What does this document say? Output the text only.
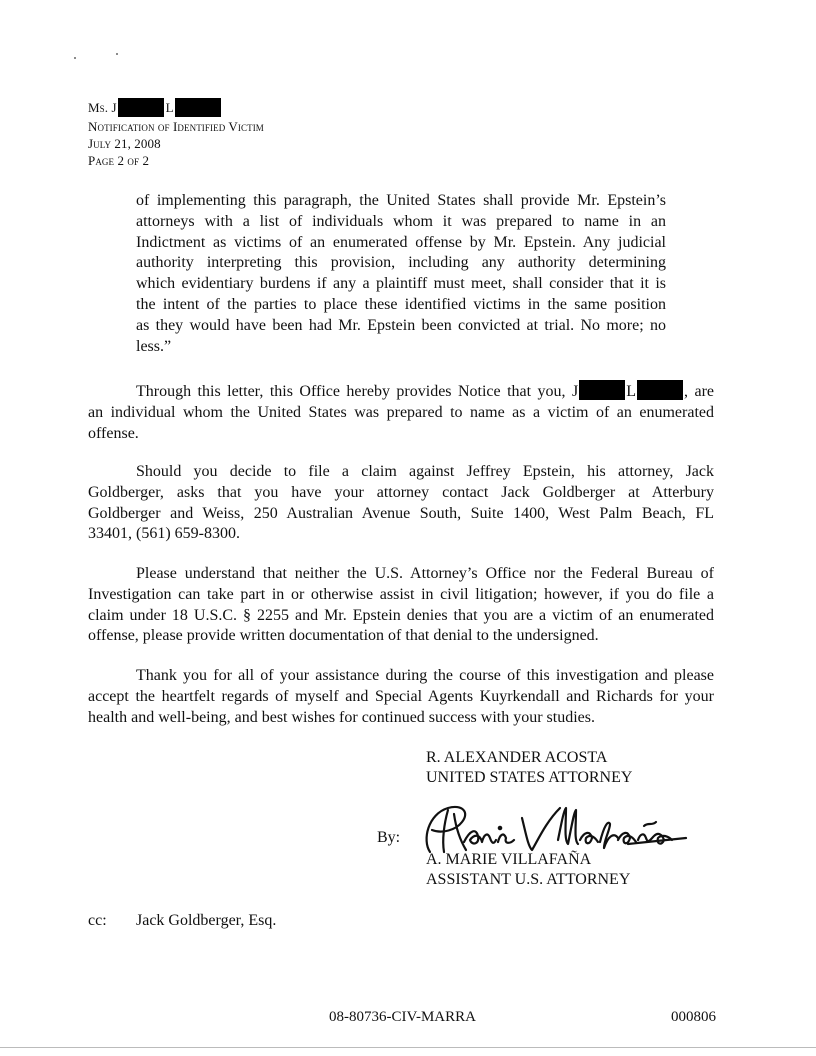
Ms. J	L
Notification of Identified Victim
July 21, 2008
Page 2 of 2
of implementing this paragraph, the United States shall provide Mr. Epstein’s
attorneys with a list of individuals whom it was prepared to name in an
Indictment as victims of an enumerated offense by Mr. Epstein. Any judicial
authority interpreting this provision, including any authority determining
which evidentiary burdens if any a plaintiff must meet, shall consider that it is
the intent of the parties to place these identified victims in the same position
as they would have been had Mr. Epstein been convicted at trial. No more; no
less.”
Through this letter, this Office hereby provides Notice that you, J	L	, are
an individual whom the United States was prepared to name as a victim of an enumerated
offense.
Should you decide to file a claim against Jeffrey Epstein, his attorney, Jack
Goldberger, asks that you have your attorney contact Jack Goldberger at Atterbury
Goldberger and Weiss, 250 Australian Avenue South, Suite 1400, West Palm Beach, FL
33401, (561) 659-8300.
Please understand that neither the U.S. Attorney’s Office nor the Federal Bureau of
Investigation can take part in or otherwise assist in civil litigation; however, if you do file a
claim under 18 U.S.C. § 2255 and Mr. Epstein denies that you are a victim of an enumerated
offense, please provide written documentation of that denial to the undersigned.
Thank you for all of your assistance during the course of this investigation and please
accept the heartfelt regards of myself and Special Agents Kuyrkendall and Richards for your
health and well-being, and best wishes for continued success with your studies.
R. ALEXANDER ACOSTA
UNITED STATES ATTORNEY
By:
A. MARIE VILLAFAÑA
ASSISTANT U.S. ATTORNEY
cc: Jack Goldberger, Esq.
08-80736-CIV-MARRA	000806
